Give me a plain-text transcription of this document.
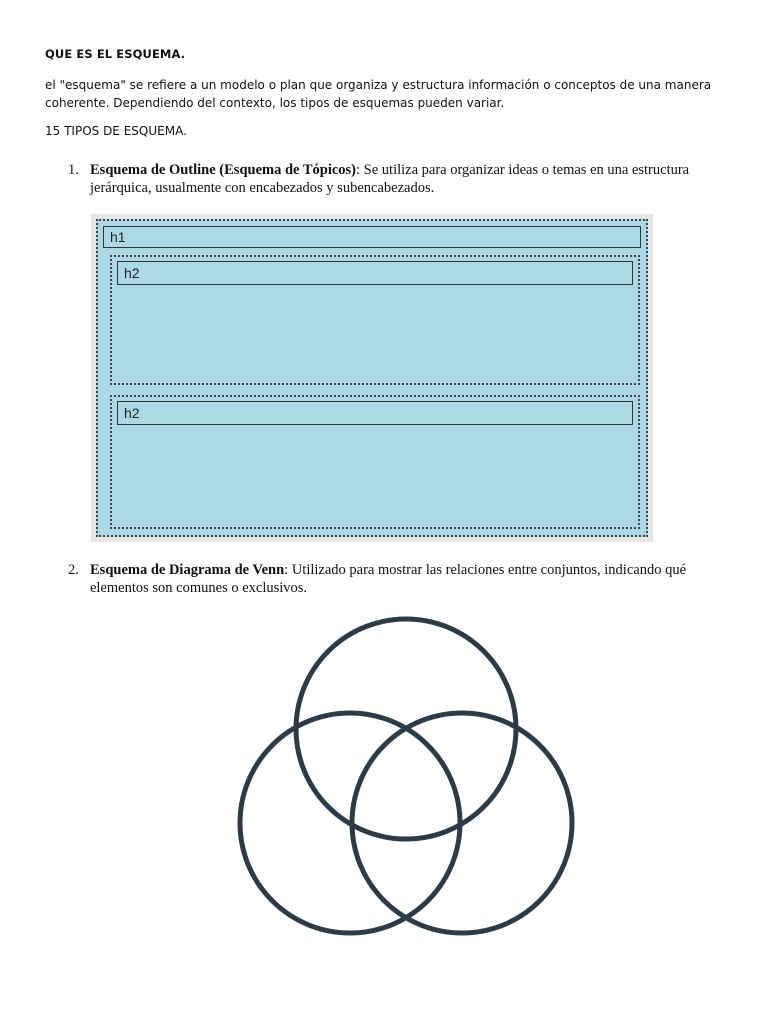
QUE ES EL ESQUEMA.
el "esquema" se refiere a un modelo o plan que organiza y estructura información o conceptos de una manera coherente. Dependiendo del contexto, los tipos de esquemas pueden variar.
15 TIPOS DE ESQUEMA.
1. Esquema de Outline (Esquema de Tópicos): Se utiliza para organizar ideas o temas en una estructura jerárquica, usualmente con encabezados y subencabezados.
h1
h2
h2
2. Esquema de Diagrama de Venn: Utilizado para mostrar las relaciones entre conjuntos, indicando qué elementos son comunes o exclusivos.
